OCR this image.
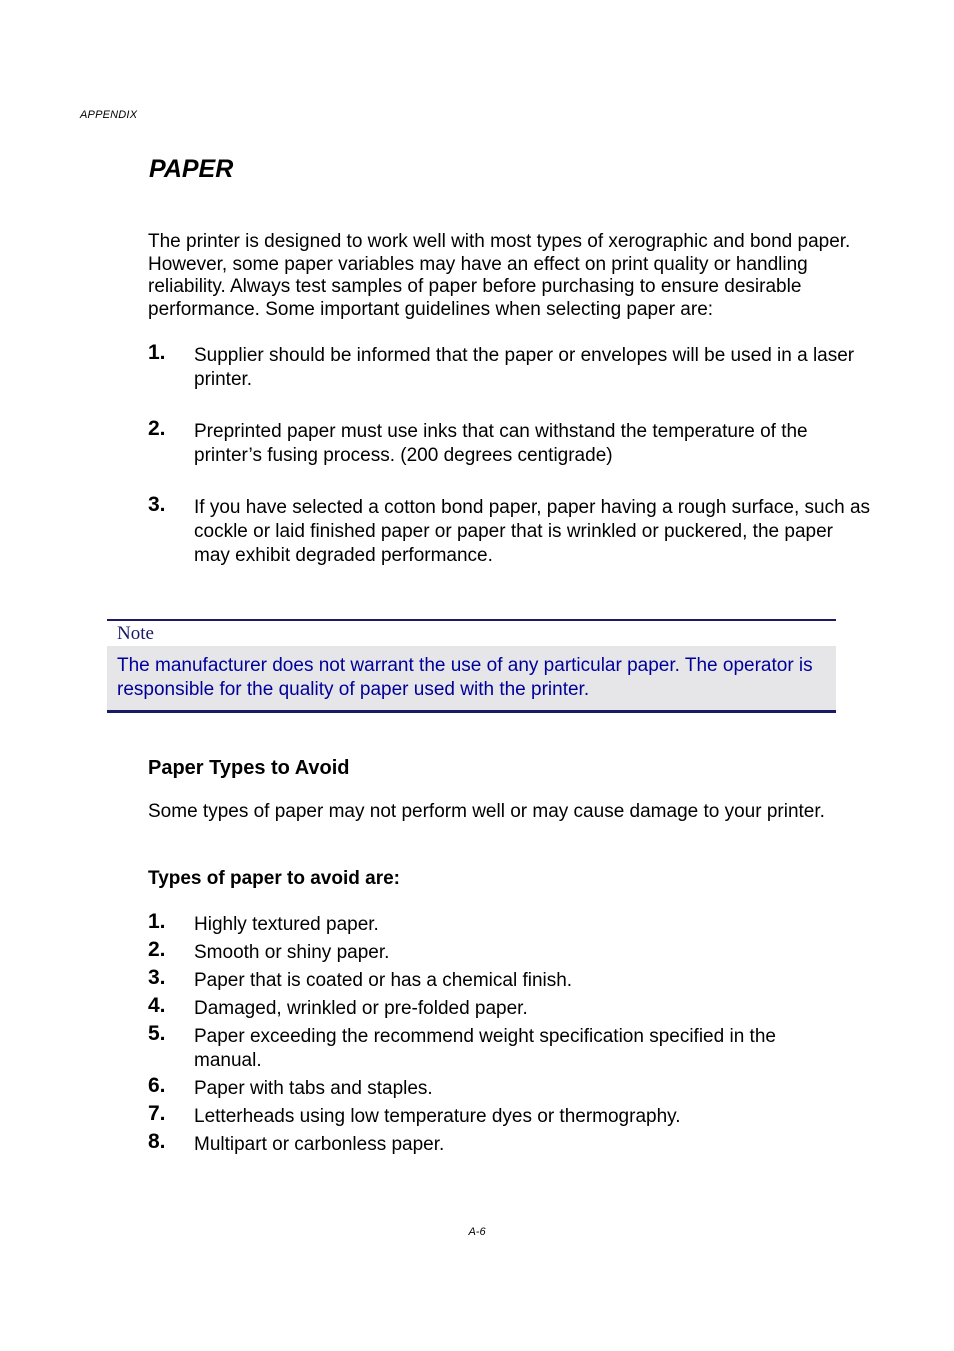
APPENDIX
PAPER

The printer is designed to work well with most types of xerographic and bond paper. However, some paper variables may have an effect on print quality or handling reliability. Always test samples of paper before purchasing to ensure desirable performance. Some important guidelines when selecting paper are:

1. Supplier should be informed that the paper or envelopes will be used in a laser printer.
2. Preprinted paper must use inks that can withstand the temperature of the printer’s fusing process. (200 degrees centigrade)
3. If you have selected a cotton bond paper, paper having a rough surface, such as cockle or laid finished paper or paper that is wrinkled or puckered, the paper may exhibit degraded performance.
Note
The manufacturer does not warrant the use of any particular paper. The operator is responsible for the quality of paper used with the printer.
Paper Types to Avoid

Some types of paper may not perform well or may cause damage to your printer.

Types of paper to avoid are:

1. Highly textured paper.
2. Smooth or shiny paper.
3. Paper that is coated or has a chemical finish.
4. Damaged, wrinkled or pre-folded paper.
5. Paper exceeding the recommend weight specification specified in the manual.
6. Paper with tabs and staples.
7. Letterheads using low temperature dyes or thermography.
8. Multipart or carbonless paper.
A-6
